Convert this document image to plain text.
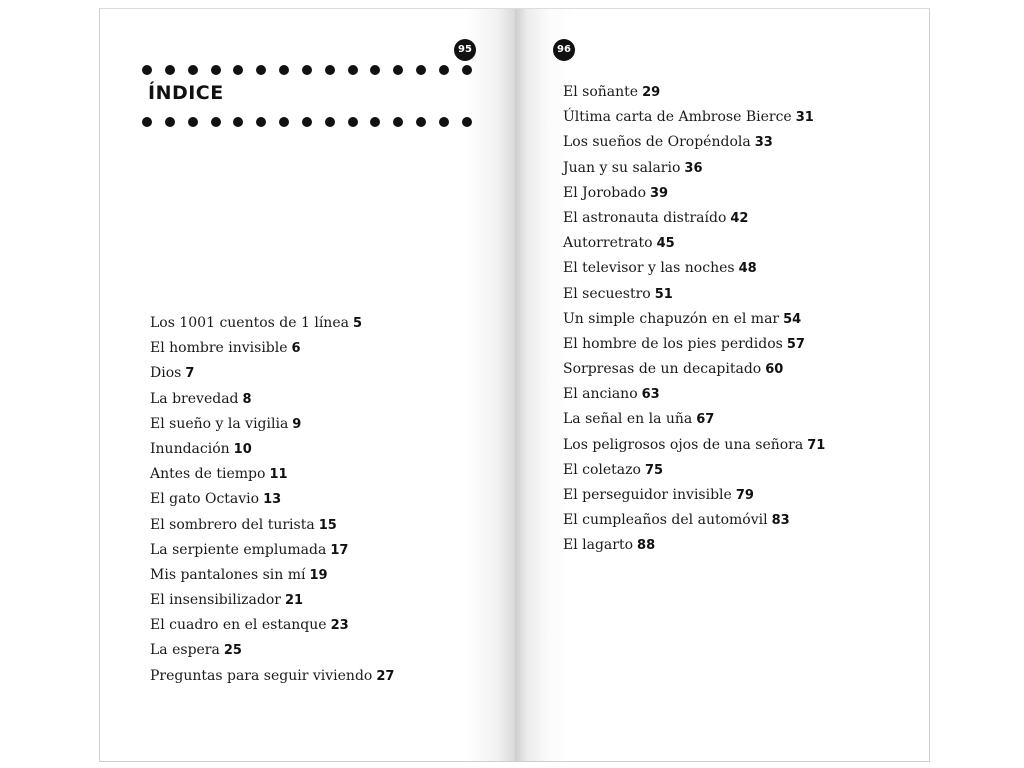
95
ÍNDICE
Los 1001 cuentos de 1 línea 5
El hombre invisible 6
Dios 7
La brevedad 8
El sueño y la vigilia 9
Inundación 10
Antes de tiempo 11
El gato Octavio 13
El sombrero del turista 15
La serpiente emplumada 17
Mis pantalones sin mí 19
El insensibilizador 21
El cuadro en el estanque 23
La espera 25
Preguntas para seguir viviendo 27
96
El soñante 29
Última carta de Ambrose Bierce 31
Los sueños de Oropéndola 33
Juan y su salario 36
El Jorobado 39
El astronauta distraído 42
Autorretrato 45
El televisor y las noches 48
El secuestro 51
Un simple chapuzón en el mar 54
El hombre de los pies perdidos 57
Sorpresas de un decapitado 60
El anciano 63
La señal en la uña 67
Los peligrosos ojos de una señora 71
El coletazo 75
El perseguidor invisible 79
El cumpleaños del automóvil 83
El lagarto 88
